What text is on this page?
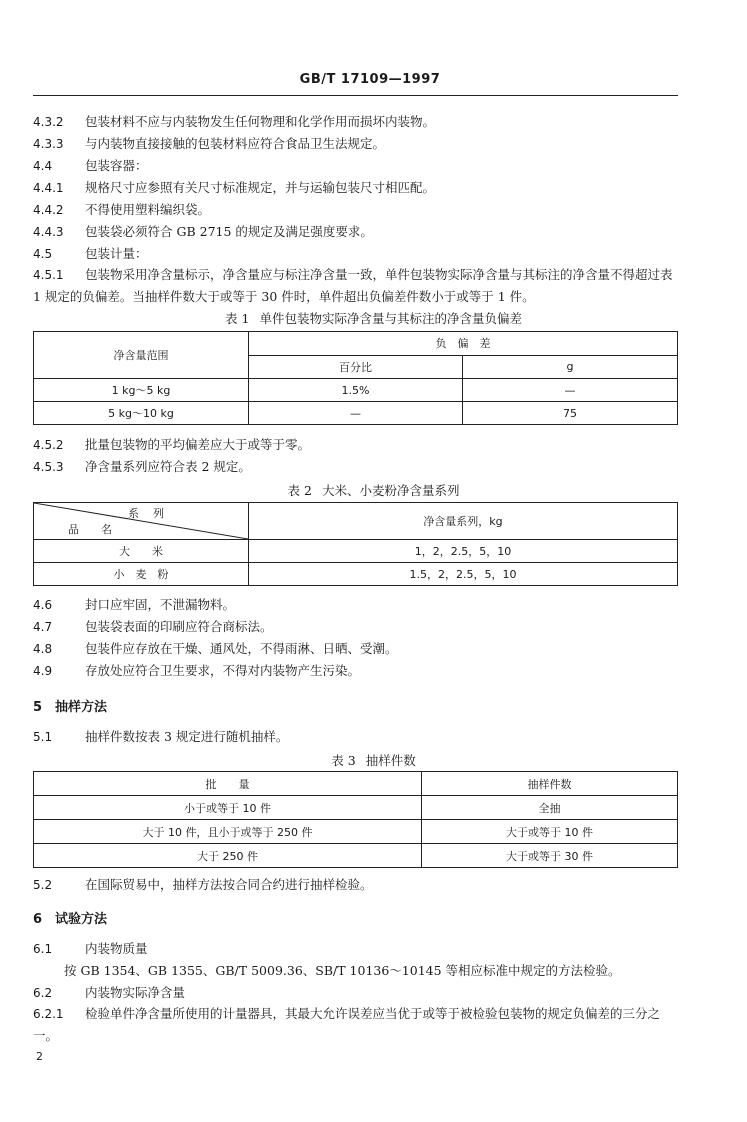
GB/T 17109—1997
4.3.2 包装材料不应与内装物发生任何物理和化学作用而损坏内装物。
4.3.3 与内装物直接接触的包装材料应符合食品卫生法规定。
4.4	包装容器：
4.4.1 规格尺寸应参照有关尺寸标准规定，并与运输包装尺寸相匹配。
4.4.2 不得使用塑料编织袋。
4.4.3 包装袋必须符合 GB 2715 的规定及满足强度要求。
4.5	包装计量：
4.5.1 包装物采用净含量标示，净含量应与标注净含量一致，单件包装物实际净含量与其标注的净含量不得超过表 1 规定的负偏差。当抽样件数大于或等于 30 件时，单件超出负偏差件数小于或等于 1 件。
表 1 单件包装物实际净含量与其标注的净含量负偏差
净含量范围	负　偏　差	
	百分比	g
1 kg～5 kg	1.5%	—
5 kg～10 kg	—	75
4.5.2 批量包装物的平均偏差应大于或等于零。
4.5.3 净含量系列应符合表 2 规定。
表 2 大米、小麦粉净含量系列
系列
品名	净含量系列，kg
大　　米	1，2，2.5，5，10
小　麦　粉	1.5，2，2.5，5，10
4.6	封口应牢固，不泄漏物料。
4.7	包装袋表面的印刷应符合商标法。
4.8	包装件应存放在干燥、通风处，不得雨淋、日晒、受潮。
4.9	存放处应符合卫生要求，不得对内装物产生污染。
5 抽样方法
5.1	抽样件数按表 3 规定进行随机抽样。
表 3 抽样件数
批　　量	抽样件数
小于或等于 10 件	全抽
大于 10 件，且小于或等于 250 件	大于或等于 10 件
大于 250 件	大于或等于 30 件
5.2	在国际贸易中，抽样方法按合同合约进行抽样检验。
6 试验方法
6.1	内装物质量
按 GB 1354、GB 1355、GB/T 5009.36、SB/T 10136～10145 等相应标准中规定的方法检验。
6.2	内装物实际净含量
6.2.1 检验单件净含量所使用的计量器具，其最大允许误差应当优于或等于被检验包装物的规定负偏差的三分之一。
2
